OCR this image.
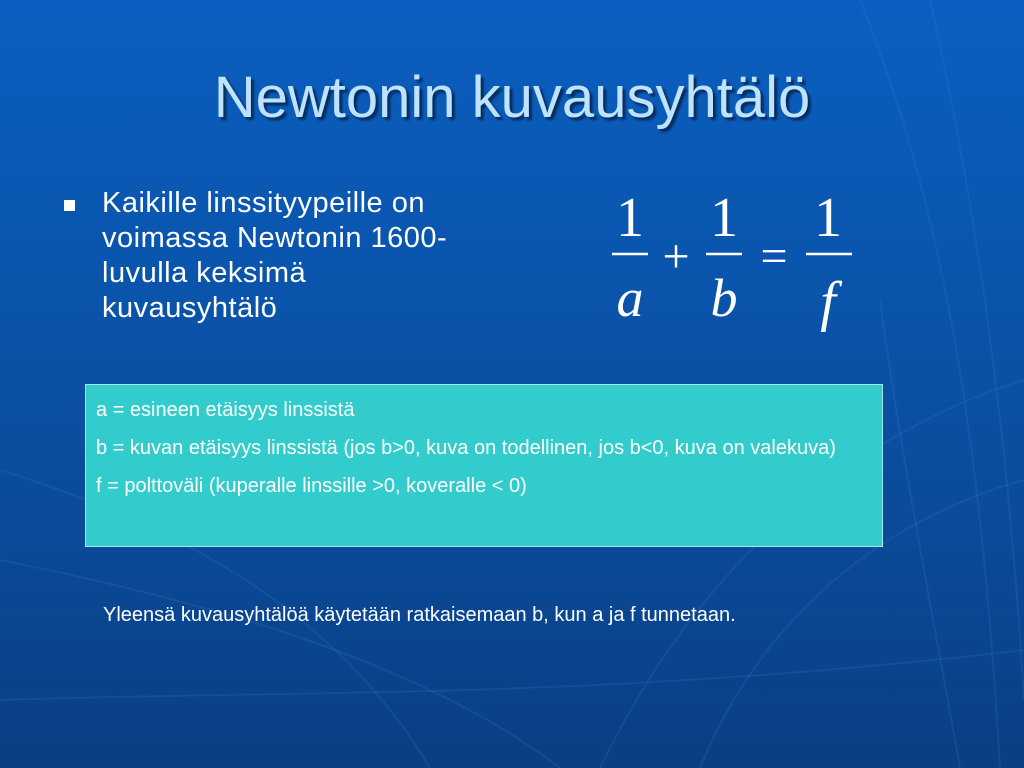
Newtonin kuvausyhtälö
Kaikille linssityypeille on voimassa Newtonin 1600-luvulla keksimä kuvausyhtälö
1
a
+
1
b
=
1
f

a = esineen etäisyys linssistä

b = kuvan etäisyys linssistä (jos b>0, kuva on todellinen, jos b<0, kuva on valekuva)

f = polttoväli (kuperalle linssille >0, koveralle < 0)

Yleensä kuvausyhtälöä käytetään ratkaisemaan b, kun a ja f tunnetaan.
